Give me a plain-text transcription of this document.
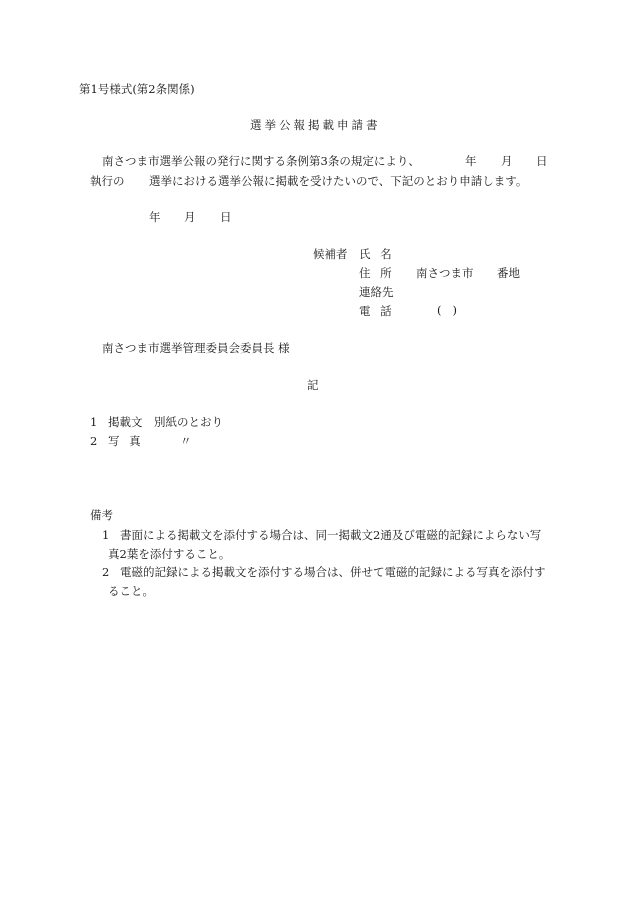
第1号様式(第2条関係)
選挙公報掲載申請書
南さつま市選挙公報の発行に関する条例第3条の規定により、	年 月 日
執行の 選挙における選挙公報に掲載を受けたいので、下記のとおり申請します。
年 月 日
候補者 氏 名
住 所 南さつま市 番地
連絡先
電 話	(   )
南さつま市選挙管理委員会委員長 様
記
1 掲載文 別紙のとおり
2 写 真	〃
備考
1 書面による掲載文を添付する場合は、同一掲載文2通及び電磁的記録によらない写
真2葉を添付すること。
2 電磁的記録による掲載文を添付する場合は、併せて電磁的記録による写真を添付す
ること。
